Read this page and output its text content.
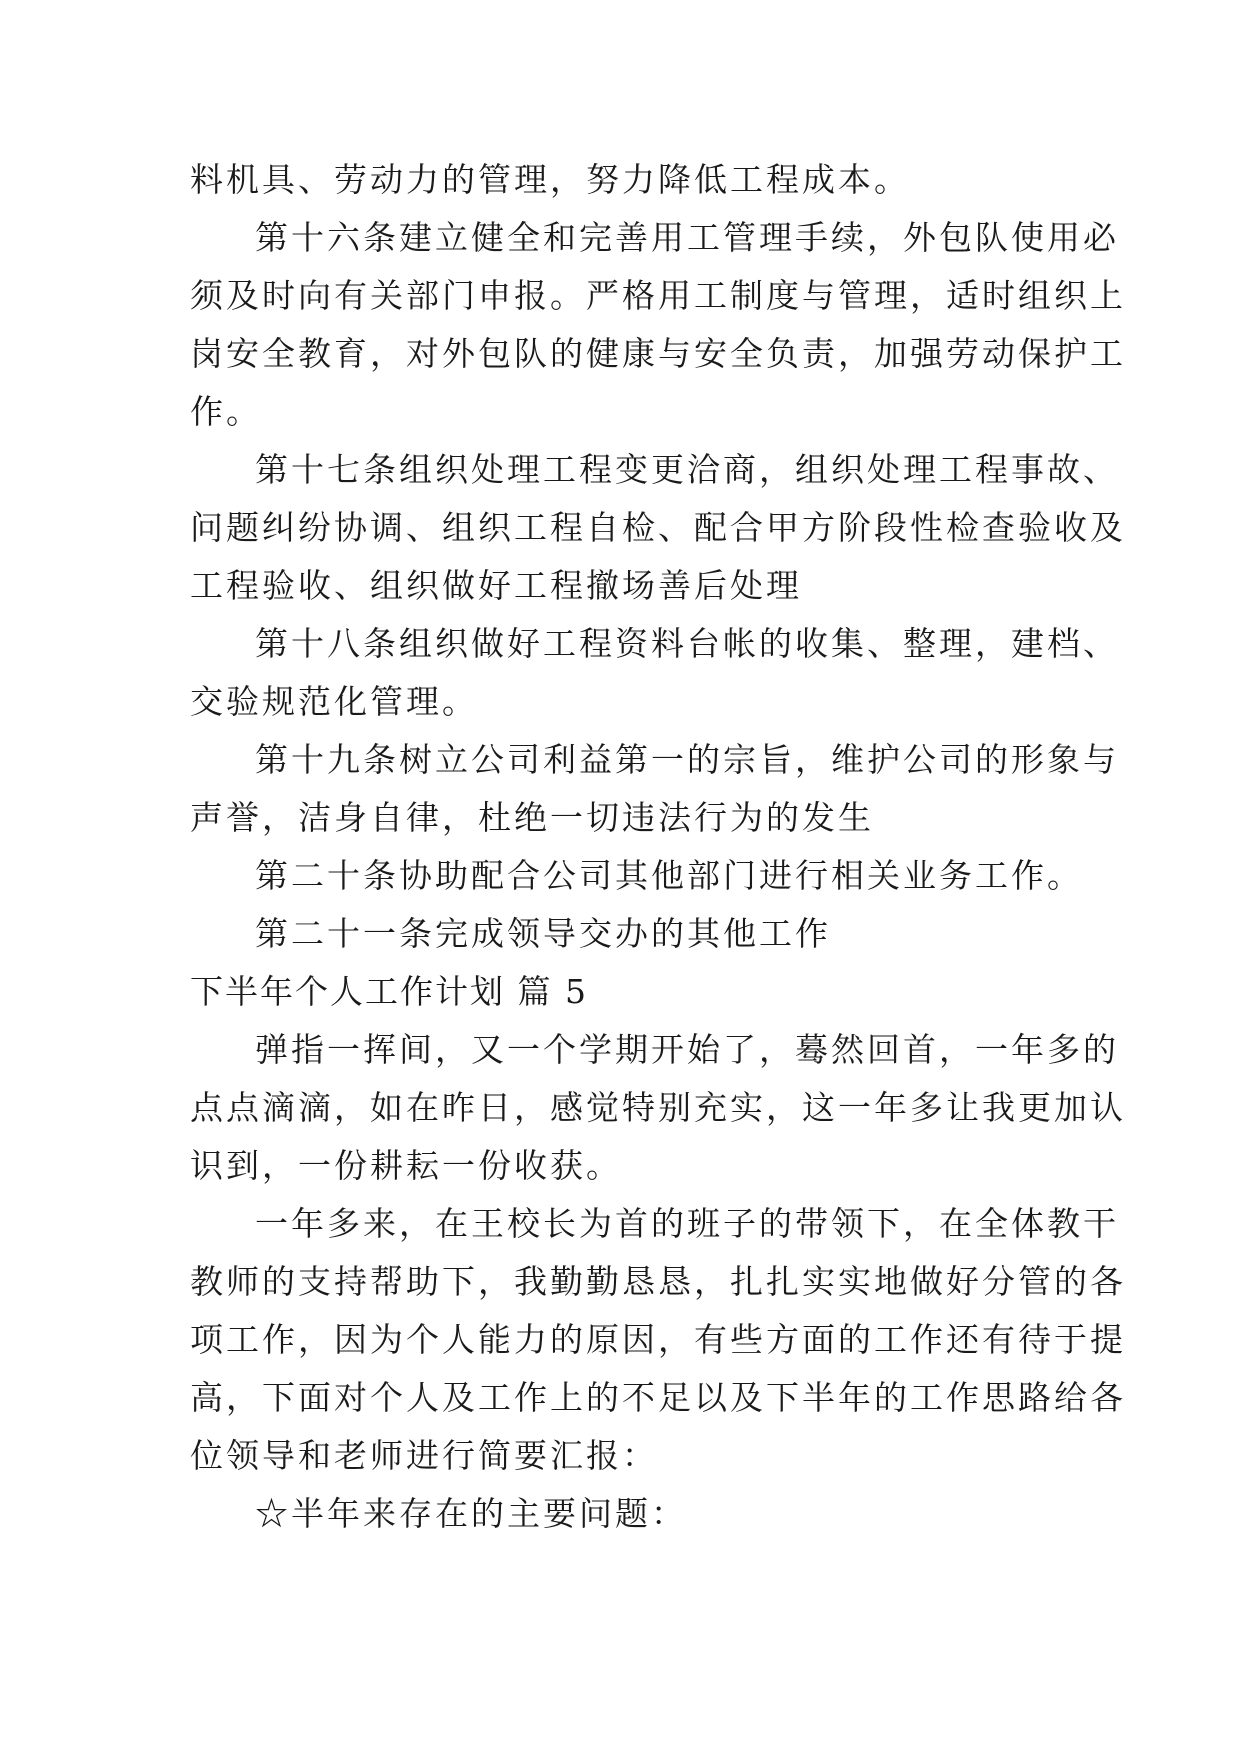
料机具、劳动力的管理，努力降低工程成本。

第十六条建立健全和完善用工管理手续，外包队使用必

须及时向有关部门申报。严格用工制度与管理，适时组织上

岗安全教育，对外包队的健康与安全负责，加强劳动保护工

作。

第十七条组织处理工程变更洽商，组织处理工程事故、

问题纠纷协调、组织工程自检、配合甲方阶段性检查验收及

工程验收、组织做好工程撤场善后处理

第十八条组织做好工程资料台帐的收集、整理，建档、

交验规范化管理。

第十九条树立公司利益第一的宗旨，维护公司的形象与

声誉，洁身自律，杜绝一切违法行为的发生

第二十条协助配合公司其他部门进行相关业务工作。

第二十一条完成领导交办的其他工作

下半年个人工作计划 篇 5

弹指一挥间，又一个学期开始了，蓦然回首，一年多的

点点滴滴，如在昨日，感觉特别充实，这一年多让我更加认

识到，一份耕耘一份收获。

一年多来，在王校长为首的班子的带领下，在全体教干

教师的支持帮助下，我勤勤恳恳，扎扎实实地做好分管的各

项工作，因为个人能力的原因，有些方面的工作还有待于提

高，下面对个人及工作上的不足以及下半年的工作思路给各

位领导和老师进行简要汇报：

☆半年来存在的主要问题：
